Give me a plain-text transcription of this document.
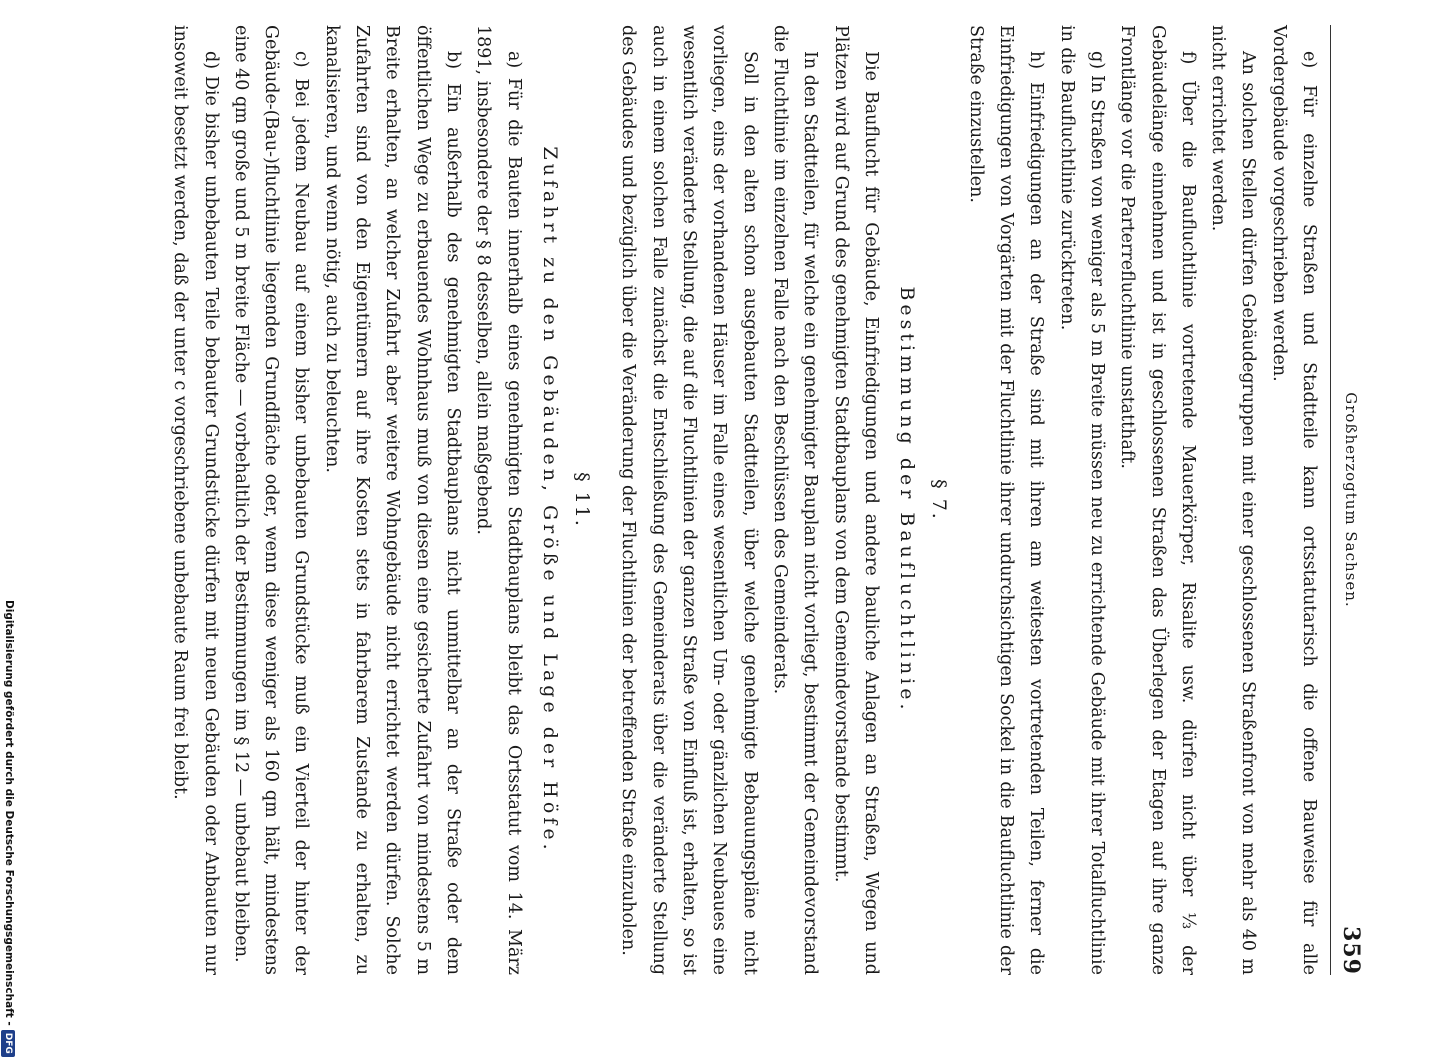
Großherzogtum Sachsen.
359

e) Für einzelne Straßen und Stadtteile kann ortsstatutarisch die offene Bauweise für alle Vordergebäude vorgeschrieben werden.

An solchen Stellen dürfen Gebäudegruppen mit einer geschlossenen Straßenfront von mehr als 40 m nicht errichtet werden.

f) Über die Baufluchtlinie vortretende Mauerkörper, Risalite usw. dürfen nicht über ⅓ der Gebäudelänge einnehmen und ist in geschlossenen Straßen das Überlegen der Etagen auf ihre ganze Frontlänge vor die Parterrefluchtlinie unstatthaft.

g) In Straßen von weniger als 5 m Breite müssen neu zu errichtende Gebäude mit ihrer Totalfluchtlinie in die Baufluchtlinie zurücktreten.

h) Einfriedigungen an der Straße sind mit ihren am weitesten vortretenden Teilen, ferner die Einfriedigungen von Vorgärten mit der Fluchtlinie ihrer undurchsichtigen Sockel in die Baufluchtlinie der Straße einzustellen.

§ 7.
Bestimmung der Baufluchtlinie.

Die Bauflucht für Gebäude, Einfriedigungen und andere bauliche Anlagen an Straßen, Wegen und Plätzen wird auf Grund des genehmigten Stadtbauplans von dem Gemeindevorstande bestimmt.

In den Stadtteilen, für welche ein genehmigter Bauplan nicht vorliegt, bestimmt der Gemeindevorstand die Fluchtlinie im einzelnen Falle nach den Beschlüssen des Gemeinderats.

Soll in den alten schon ausgebauten Stadtteilen, über welche genehmigte Bebauungspläne nicht vorliegen, eins der vorhandenen Häuser im Falle eines wesentlichen Um- oder gänzlichen Neubaues eine wesentlich veränderte Stellung, die auf die Fluchtlinien der ganzen Straße von Einfluß ist, erhalten, so ist auch in einem solchen Falle zunächst die Entschließung des Gemeinderats über die veränderte Stellung des Gebäudes und bezüglich über die Veränderung der Fluchtlinien der betreffenden Straße einzuholen.

§ 11.
Zufahrt zu den Gebäuden, Größe und Lage der Höfe.

a) Für die Bauten innerhalb eines genehmigten Stadtbauplans bleibt das Ortsstatut vom 14. März 1891, insbesondere der § 8 desselben, allein maßgebend.

b) Ein außerhalb des genehmigten Stadtbauplans nicht unmittelbar an der Straße oder dem öffentlichen Wege zu erbauendes Wohnhaus muß von diesen eine gesicherte Zufahrt von mindestens 5 m Breite erhalten, an welcher Zufahrt aber weitere Wohngebäude nicht errichtet werden dürfen. Solche Zufahrten sind von den Eigentümern auf ihre Kosten stets in fahrbarem Zustande zu erhalten, zu kanalisieren, und wenn nötig, auch zu beleuchten.

c) Bei jedem Neubau auf einem bisher unbebauten Grundstücke muß ein Vierteil der hinter der Gebäude-(Bau-)fluchtlinie liegenden Grundfläche oder, wenn diese weniger als 160 qm hält, mindestens eine 40 qm große und 5 m breite Fläche — vorbehaltlich der Bestimmungen im § 12 — unbebaut bleiben.

d) Die bisher unbebauten Teile bebauter Grundstücke dürfen mit neuen Gebäuden oder Anbauten nur insoweit besetzt werden, daß der unter c vorgeschriebene unbebaute Raum frei bleibt.

Digitalisierung gefördert durch die Deutsche Forschungsgemeinschaft -DFG
